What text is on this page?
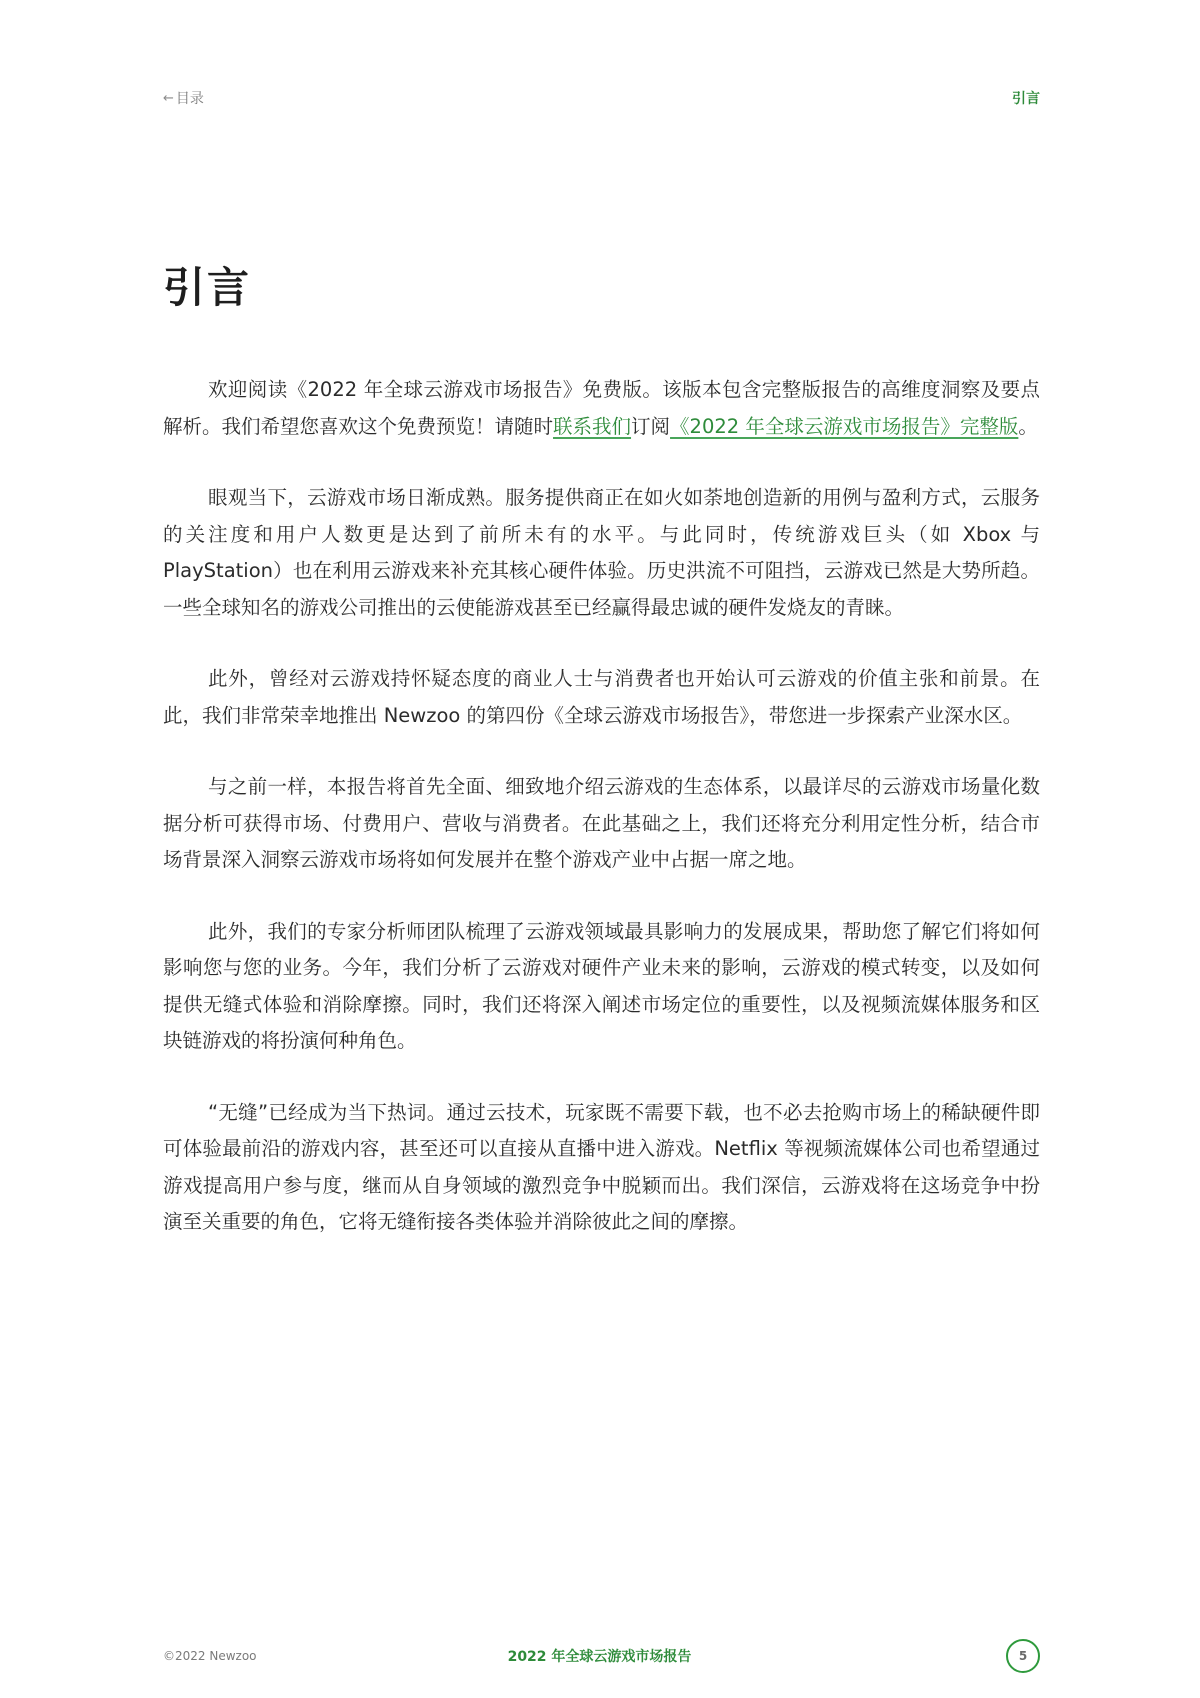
← 目录	引言
引言

欢迎阅读《2022 年全球云游戏市场报告》免费版。该版本包含完整版报告的高维度洞察及要点解析。我们希望您喜欢这个免费预览！请随时联系我们订阅《2022 年全球云游戏市场报告》完整版。

眼观当下，云游戏市场日渐成熟。服务提供商正在如火如荼地创造新的用例与盈利方式，云服务的关注度和用户人数更是达到了前所未有的水平。与此同时，传统游戏巨头（如 Xbox 与 PlayStation）也在利用云游戏来补充其核心硬件体验。历史洪流不可阻挡，云游戏已然是大势所趋。一些全球知名的游戏公司推出的云使能游戏甚至已经赢得最忠诚的硬件发烧友的青睐。

此外，曾经对云游戏持怀疑态度的商业人士与消费者也开始认可云游戏的价值主张和前景。在此，我们非常荣幸地推出 Newzoo 的第四份《全球云游戏市场报告》，带您进一步探索产业深水区。

与之前一样，本报告将首先全面、细致地介绍云游戏的生态体系，以最详尽的云游戏市场量化数据分析可获得市场、付费用户、营收与消费者。在此基础之上，我们还将充分利用定性分析，结合市场背景深入洞察云游戏市场将如何发展并在整个游戏产业中占据一席之地。

此外，我们的专家分析师团队梳理了云游戏领域最具影响力的发展成果，帮助您了解它们将如何影响您与您的业务。今年，我们分析了云游戏对硬件产业未来的影响，云游戏的模式转变，以及如何提供无缝式体验和消除摩擦。同时，我们还将深入阐述市场定位的重要性，以及视频流媒体服务和区块链游戏的将扮演何种角色。

“无缝”已经成为当下热词。通过云技术，玩家既不需要下载，也不必去抢购市场上的稀缺硬件即可体验最前沿的游戏内容，甚至还可以直接从直播中进入游戏。Netflix 等视频流媒体公司也希望通过游戏提高用户参与度，继而从自身领域的激烈竞争中脱颖而出。我们深信，云游戏将在这场竞争中扮演至关重要的角色，它将无缝衔接各类体验并消除彼此之间的摩擦。

©2022 Newzoo	2022 年全球云游戏市场报告	5
